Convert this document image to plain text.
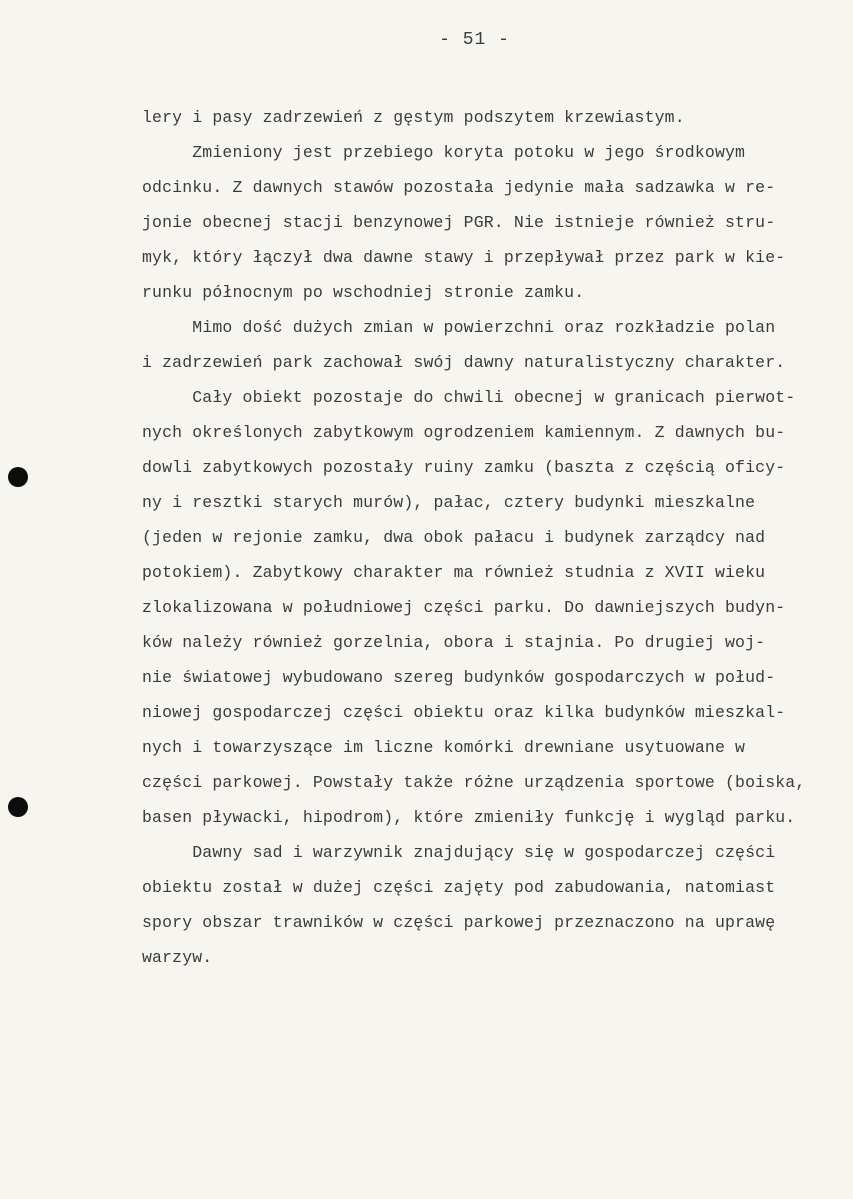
- 51 -
lery i pasy zadrzewień z gęstym podszytem krzewiastym.
Zmieniony jest przebiego koryta potoku w jego środkowym
odcinku. Z dawnych stawów pozostała jedynie mała sadzawka w re-
jonie obecnej stacji benzynowej PGR. Nie istnieje również stru-
myk, który łączył dwa dawne stawy i przepływał przez park w kie-
runku północnym po wschodniej stronie zamku.
Mimo dość dużych zmian w powierzchni oraz rozkładzie polan
i zadrzewień park zachował swój dawny naturalistyczny charakter.
Cały obiekt pozostaje do chwili obecnej w granicach pierwot-
nych określonych zabytkowym ogrodzeniem kamiennym. Z dawnych bu-
dowli zabytkowych pozostały ruiny zamku (baszta z częścią oficy-
ny i resztki starych murów), pałac, cztery budynki mieszkalne
(jeden w rejonie zamku, dwa obok pałacu i budynek zarządcy nad
potokiem). Zabytkowy charakter ma również studnia z XVII wieku
zlokalizowana w południowej części parku. Do dawniejszych budyn-
ków należy również gorzelnia, obora i stajnia. Po drugiej woj-
nie światowej wybudowano szereg budynków gospodarczych w połud-
niowej gospodarczej części obiektu oraz kilka budynków mieszkal-
nych i towarzyszące im liczne komórki drewniane usytuowane w
części parkowej. Powstały także różne urządzenia sportowe (boiska,
basen pływacki, hipodrom), które zmieniły funkcję i wygląd parku.
Dawny sad i warzywnik znajdujący się w gospodarczej części
obiektu został w dużej części zajęty pod zabudowania, natomiast
spory obszar trawników w części parkowej przeznaczono na uprawę
warzyw.
